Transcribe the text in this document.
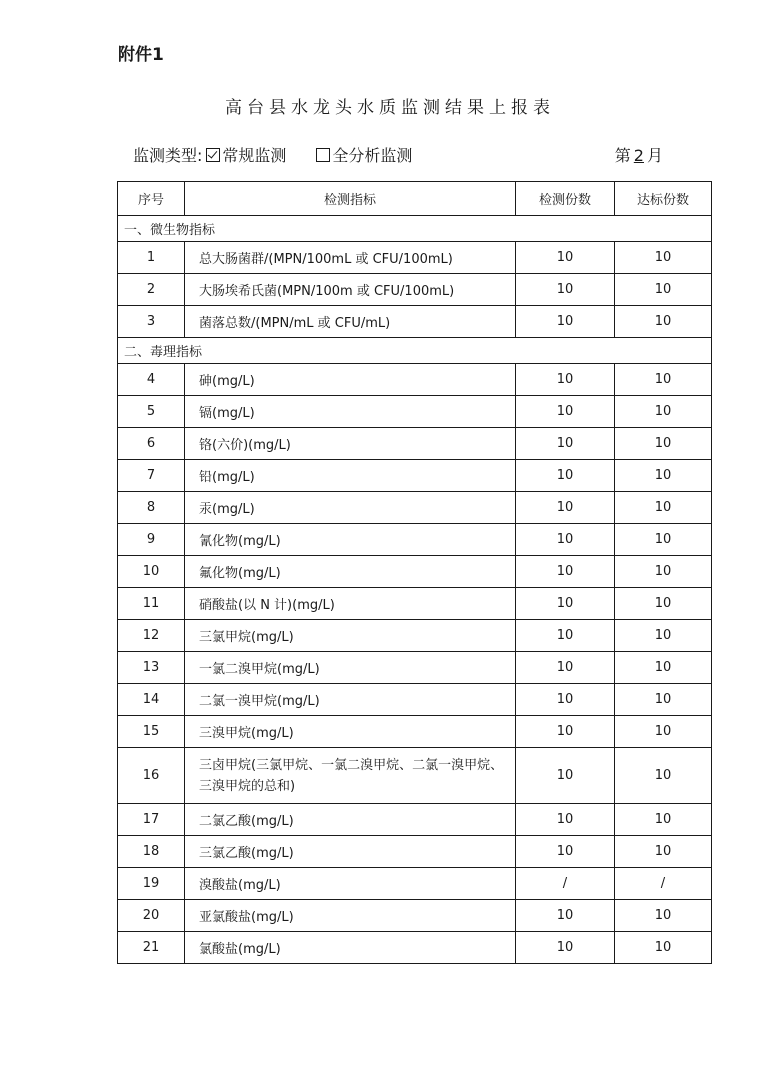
附件1
高台县水龙头水质监测结果上报表
监测类型: 常规监测	全分析监测	第 2 月
序号	检测指标	检测份数	达标份数
一、微生物指标			
1	总大肠菌群/(MPN/100mL 或 CFU/100mL)	10	10
2	大肠埃希氏菌(MPN/100m 或 CFU/100mL)	10	10
3	菌落总数/(MPN/mL 或 CFU/mL)	10	10
二、毒理指标			
4	砷(mg/L)	10	10
5	镉(mg/L)	10	10
6	铬(六价)(mg/L)	10	10
7	铅(mg/L)	10	10
8	汞(mg/L)	10	10
9	氰化物(mg/L)	10	10
10	氟化物(mg/L)	10	10
11	硝酸盐(以 N 计)(mg/L)	10	10
12	三氯甲烷(mg/L)	10	10
13	一氯二溴甲烷(mg/L)	10	10
14	二氯一溴甲烷(mg/L)	10	10
15	三溴甲烷(mg/L)	10	10
16	三卤甲烷(三氯甲烷、一氯二溴甲烷、二氯一溴甲烷、三溴甲烷的总和)	10	10
17	二氯乙酸(mg/L)	10	10
18	三氯乙酸(mg/L)	10	10
19	溴酸盐(mg/L)	/	/
20	亚氯酸盐(mg/L)	10	10
21	氯酸盐(mg/L)	10	10
